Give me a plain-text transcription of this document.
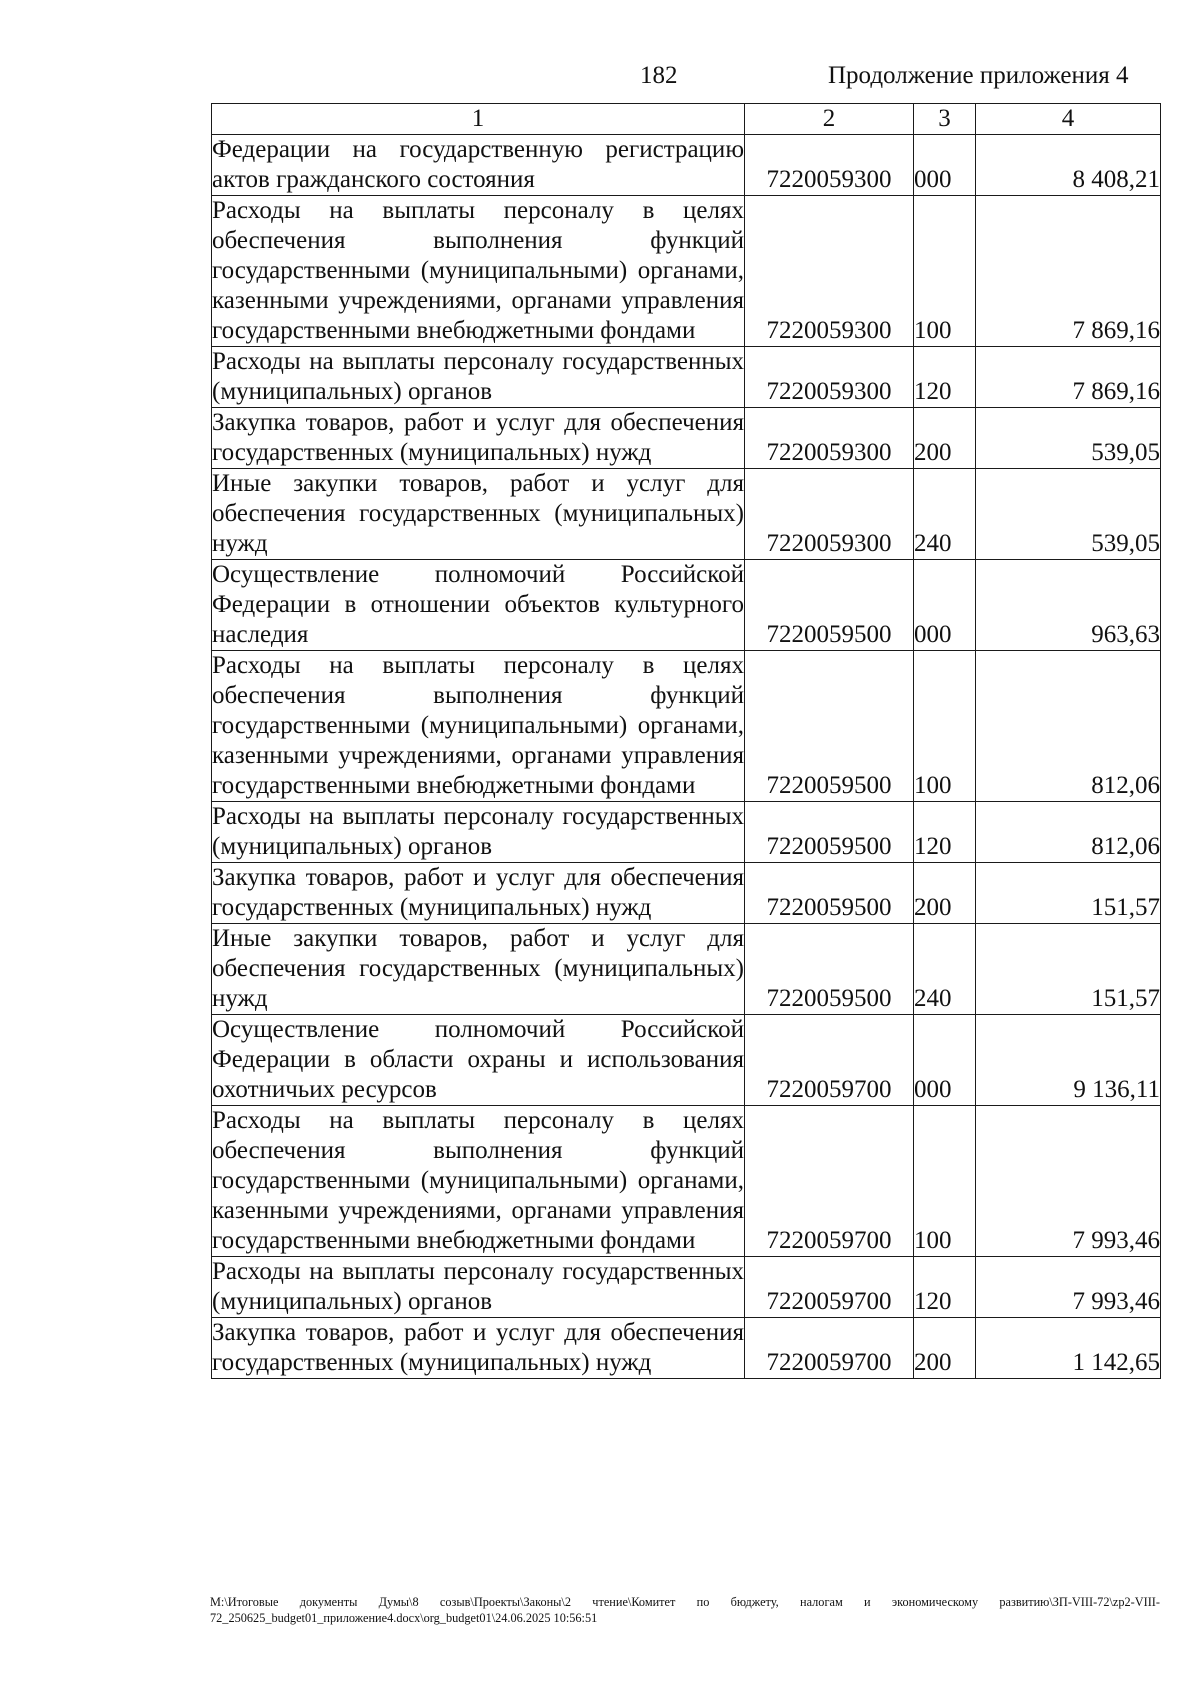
182	Продолжение приложения 4
1	2	3	4
Федерации на государственную регистрацию актов гражданского состояния	7220059300	000	8 408,21
Расходы на выплаты персоналу в целях обеспечения выполнения функций государственными (муниципальными) органами, казенными учреждениями, органами управления государственными внебюджетными фондами	7220059300	100	7 869,16
Расходы на выплаты персоналу государственных (муниципальных) органов	7220059300	120	7 869,16
Закупка товаров, работ и услуг для обеспечения государственных (муниципальных) нужд	7220059300	200	539,05
Иные закупки товаров, работ и услуг для обеспечения государственных (муниципальных) нужд	7220059300	240	539,05
Осуществление полномочий Российской Федерации в отношении объектов культурного наследия	7220059500	000	963,63
Расходы на выплаты персоналу в целях обеспечения выполнения функций государственными (муниципальными) органами, казенными учреждениями, органами управления государственными внебюджетными фондами	7220059500	100	812,06
Расходы на выплаты персоналу государственных (муниципальных) органов	7220059500	120	812,06
Закупка товаров, работ и услуг для обеспечения государственных (муниципальных) нужд	7220059500	200	151,57
Иные закупки товаров, работ и услуг для обеспечения государственных (муниципальных) нужд	7220059500	240	151,57
Осуществление полномочий Российской Федерации в области охраны и использования охотничьих ресурсов	7220059700	000	9 136,11
Расходы на выплаты персоналу в целях обеспечения выполнения функций государственными (муниципальными) органами, казенными учреждениями, органами управления государственными внебюджетными фондами	7220059700	100	7 993,46
Расходы на выплаты персоналу государственных (муниципальных) органов	7220059700	120	7 993,46
Закупка товаров, работ и услуг для обеспечения государственных (муниципальных) нужд	7220059700	200	1 142,65
M:\Итоговые документы Думы\8 созыв\Проекты\Законы\2 чтение\Комитет по бюджету, налогам и экономическому развитию\ЗП-VIII-72\zp2-VIII-72_250625_budget01_приложение4.docx\org_budget01\24.06.2025 10:56:51
